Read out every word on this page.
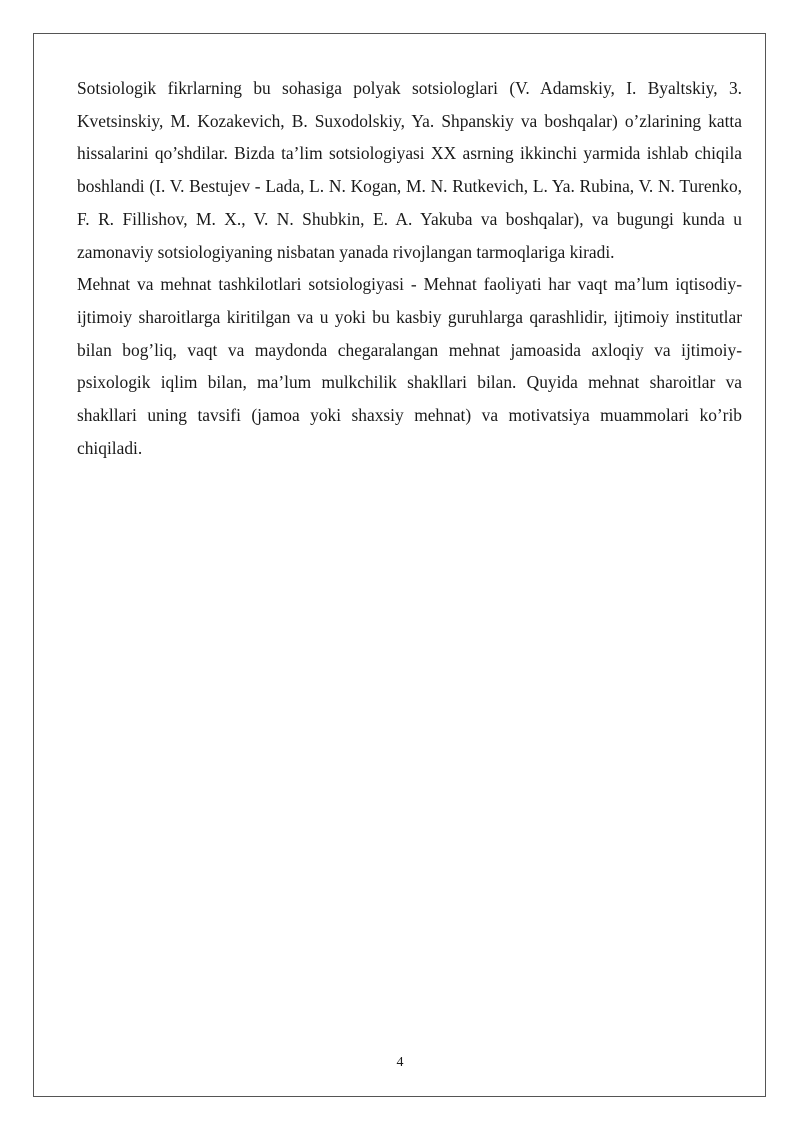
Sotsiologik fikrlarning bu sohasiga polyak sotsiologlari (V. Adamskiy, I. Byaltskiy, 3. Kvetsinskiy, M. Kozakevich, B. Suxodolskiy, Ya. Shpanskiy va boshqalar) o’zlarining katta hissalarini qo’shdilar. Bizda ta’lim sotsiologiyasi XX asrning ikkinchi yarmida ishlab chiqila boshlandi (I. V. Bestujev - Lada, L. N. Kogan, M. N. Rutkevich, L. Ya. Rubina, V. N. Turenko, F. R. Fillishov, M. X., V. N. Shubkin, E. A. Yakuba va boshqalar), va bugungi kunda u zamonaviy sotsiologiyaning nisbatan yanada rivojlangan tarmoqlariga kiradi.

Mehnat va mehnat tashkilotlari sotsiologiyasi - Mehnat faoliyati har vaqt ma’lum iqtisodiy-ijtimoiy sharoitlarga kiritilgan va u yoki bu kasbiy guruhlarga qarashlidir, ijtimoiy institutlar bilan bog’liq, vaqt va maydonda chegaralangan mehnat jamoasida axloqiy va ijtimoiy-psixologik iqlim bilan, ma’lum mulkchilik shakllari bilan. Quyida mehnat sharoitlar va shakllari uning tavsifi (jamoa yoki shaxsiy mehnat) va motivatsiya muammolari ko’rib chiqiladi.

4
